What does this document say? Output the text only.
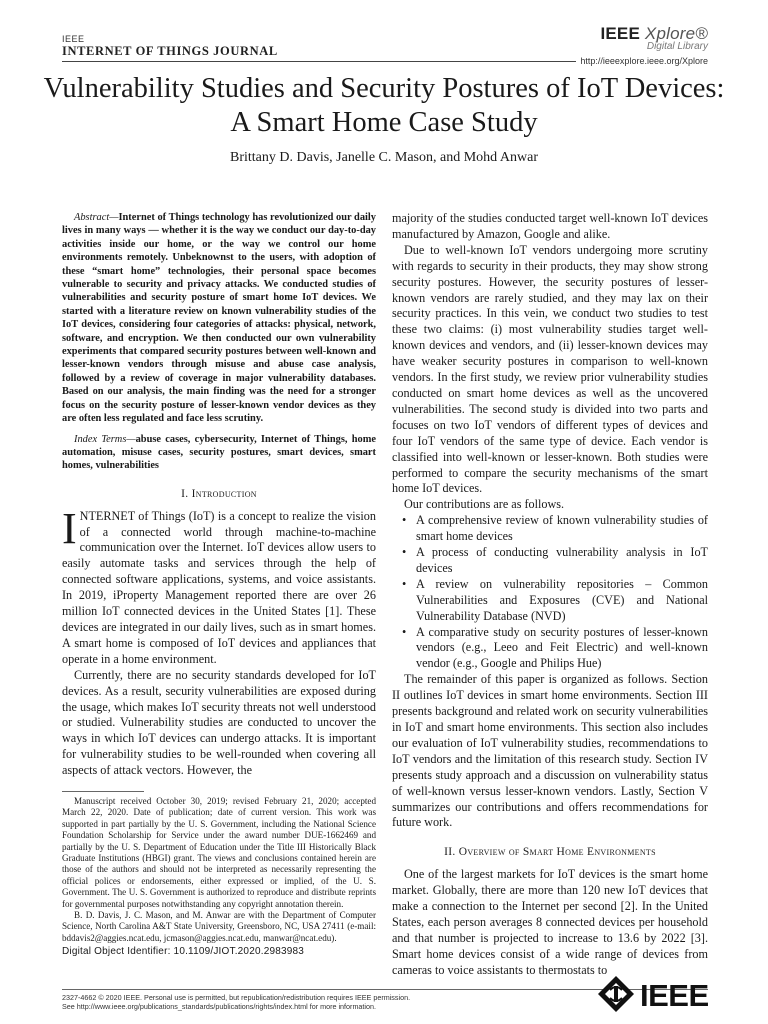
IEEE
INTERNET OF THINGS JOURNAL
IEEE Xplore®
Digital Library
http://ieeexplore.ieee.org/Xplore
Vulnerability Studies and Security Postures of IoT Devices: A Smart Home Case Study
Brittany D. Davis, Janelle C. Mason, and Mohd Anwar

Abstract—Internet of Things technology has revolutionized our daily lives in many ways — whether it is the way we conduct our day-to-day activities inside our home, or the way we control our home environments remotely. Unbeknownst to the users, with adoption of these “smart home” technologies, their personal space becomes vulnerable to security and privacy attacks. We conducted studies of vulnerabilities and security posture of smart home IoT devices. We started with a literature review on known vulnerability studies of the IoT devices, considering four categories of attacks: physical, network, software, and encryption. We then conducted our own vulnerability experiments that compared security postures between well-known and lesser-known vendors through misuse and abuse case analysis, followed by a review of coverage in major vulnerability databases. Based on our analysis, the main finding was the need for a stronger focus on the security posture of lesser-known vendor devices as they are often less regulated and face less scrutiny.

Index Terms—abuse cases, cybersecurity, Internet of Things, home automation, misuse cases, security postures, smart devices, smart homes, vulnerabilities

I. Introduction

INTERNET of Things (IoT) is a concept to realize the vision of a connected world through machine-to-machine communication over the Internet. IoT devices allow users to easily automate tasks and services through the help of connected software applications, systems, and voice assistants. In 2019, iProperty Management reported there are over 26 million IoT connected devices in the United States [1]. These devices are integrated in our daily lives, such as in smart homes. A smart home is composed of IoT devices and appliances that operate in a home environment.

Currently, there are no security standards developed for IoT devices. As a result, security vulnerabilities are exposed during the usage, which makes IoT security threats not well understood or studied. Vulnerability studies are conducted to uncover the ways in which IoT devices can undergo attacks. It is important for vulnerability studies to be well-rounded when covering all aspects of attack vectors. However, the

Manuscript received October 30, 2019; revised February 21, 2020; accepted March 22, 2020. Date of publication; date of current version. This work was supported in part partially by the U. S. Government, including the National Science Foundation Scholarship for Service under the award number DUE-1662469 and partially by the U. S. Department of Education under the Title III Historically Black Graduate Institutions (HBGI) grant. The views and conclusions contained herein are those of the authors and should not be interpreted as necessarily representing the official polices or endorsements, either expressed or implied, of the U. S. Government. The U. S. Government is authorized to reproduce and distribute reprints for governmental purposes notwithstanding any copyright annotation therein.

B. D. Davis, J. C. Mason, and M. Anwar are with the Department of Computer Science, North Carolina A&T State University, Greensboro, NC, USA 27411 (e-mail: bddavis2@aggies.ncat.edu, jcmason@aggies.ncat.edu, manwar@ncat.edu).

Digital Object Identifier: 10.1109/JIOT.2020.2983983

majority of the studies conducted target well-known IoT devices manufactured by Amazon, Google and alike.

Due to well-known IoT vendors undergoing more scrutiny with regards to security in their products, they may show strong security postures. However, the security postures of lesser-known vendors are rarely studied, and they may lax on their security practices. In this vein, we conduct two studies to test these two claims: (i) most vulnerability studies target well-known devices and vendors, and (ii) lesser-known devices may have weaker security postures in comparison to well-known vendors. In the first study, we review prior vulnerability studies conducted on smart home devices as well as the uncovered vulnerabilities. The second study is divided into two parts and focuses on two IoT vendors of different types of devices and four IoT vendors of the same type of device. Each vendor is classified into well-known or lesser-known. Both studies were performed to compare the security mechanisms of the smart home IoT devices.

Our contributions are as follows.

• A comprehensive review of known vulnerability studies of smart home devices
• A process of conducting vulnerability analysis in IoT devices
• A review on vulnerability repositories – Common Vulnerabilities and Exposures (CVE) and National Vulnerability Database (NVD)
• A comparative study on security postures of lesser-known vendors (e.g., Leeo and Feit Electric) and well-known vendor (e.g., Google and Philips Hue)

The remainder of this paper is organized as follows. Section II outlines IoT devices in smart home environments. Section III presents background and related work on security vulnerabilities in IoT and smart home environments. This section also includes our evaluation of IoT vulnerability studies, recommendations to IoT vendors and the limitation of this research study. Section IV presents study approach and a discussion on vulnerability status of well-known versus lesser-known vendors. Lastly, Section V summarizes our contributions and offers recommendations for future work.

II. Overview of Smart Home Environments

One of the largest markets for IoT devices is the smart home market. Globally, there are more than 120 new IoT devices that make a connection to the Internet per second [2]. In the United States, each person averages 8 connected devices per household and that number is projected to increase to 13.6 by 2022 [3]. Smart home devices consist of a wide range of devices from cameras to voice assistants to thermostats to

2327-4662 © 2020 IEEE. Personal use is permitted, but republication/redistribution requires IEEE permission.
See http://www.ieee.org/publications_standards/publications/rights/index.html for more information.	IEEE
